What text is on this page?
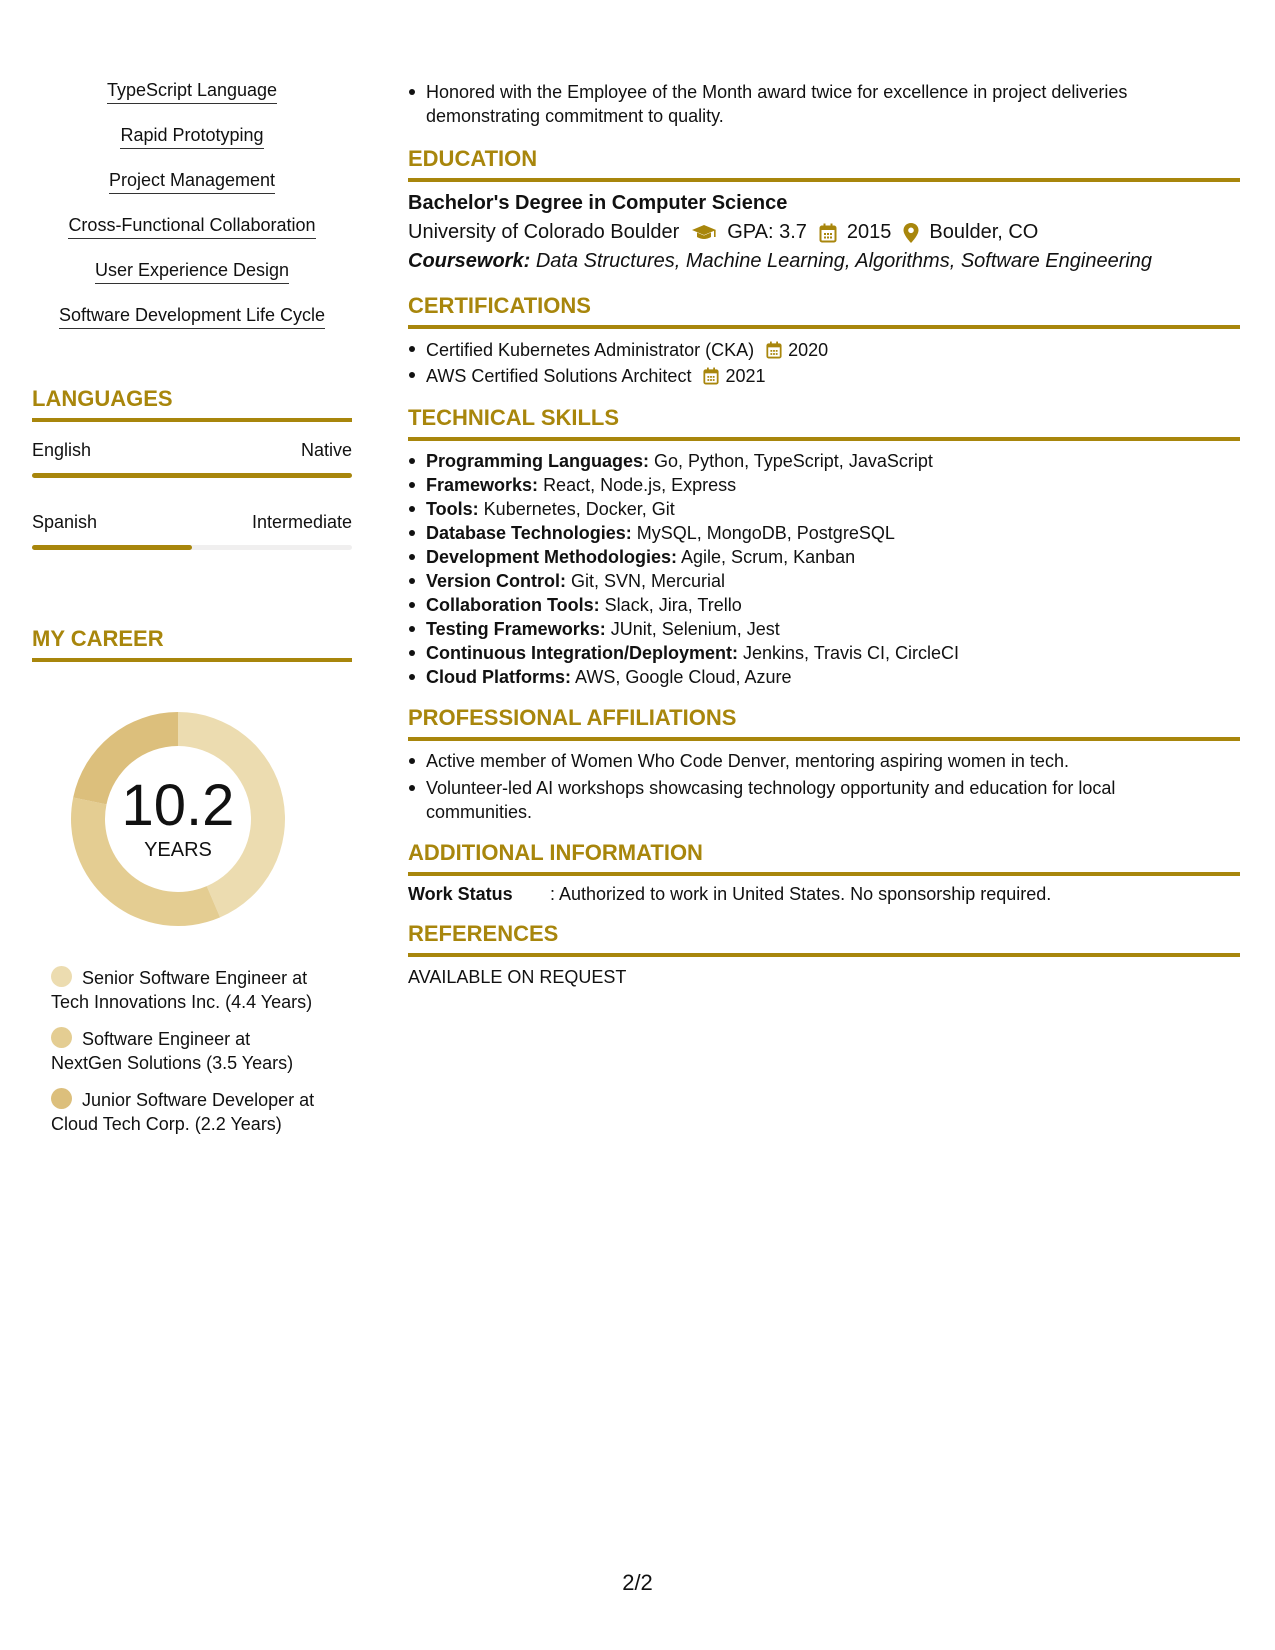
TypeScript Language
Rapid Prototyping
Project Management
Cross-Functional Collaboration
User Experience Design
Software Development Life Cycle
LANGUAGES
English	Native
Spanish	Intermediate
MY CAREER
10.2
YEARS
Senior Software Engineer at
Tech Innovations Inc. (4.4 Years)
Software Engineer at
NextGen Solutions (3.5 Years)
Junior Software Developer at
Cloud Tech Corp. (2.2 Years)
Honored with the Employee of the Month award twice for excellence in project deliveries demonstrating commitment to quality.
EDUCATION
Bachelor's Degree in Computer Science
University of Colorado Boulder GPA: 3.7 2015 Boulder, CO
Coursework: Data Structures, Machine Learning, Algorithms, Software Engineering
CERTIFICATIONS
Certified Kubernetes Administrator (CKA) 2020
AWS Certified Solutions Architect 2021
TECHNICAL SKILLS
Programming Languages: Go, Python, TypeScript, JavaScript
Frameworks: React, Node.js, Express
Tools: Kubernetes, Docker, Git
Database Technologies: MySQL, MongoDB, PostgreSQL
Development Methodologies: Agile, Scrum, Kanban
Version Control: Git, SVN, Mercurial
Collaboration Tools: Slack, Jira, Trello
Testing Frameworks: JUnit, Selenium, Jest
Continuous Integration/Deployment: Jenkins, Travis CI, CircleCI
Cloud Platforms: AWS, Google Cloud, Azure
PROFESSIONAL AFFILIATIONS
Active member of Women Who Code Denver, mentoring aspiring women in tech.
Volunteer-led AI workshops showcasing technology opportunity and education for local communities.
ADDITIONAL INFORMATION
Work Status	: Authorized to work in United States. No sponsorship required.
REFERENCES
AVAILABLE ON REQUEST
2/2
